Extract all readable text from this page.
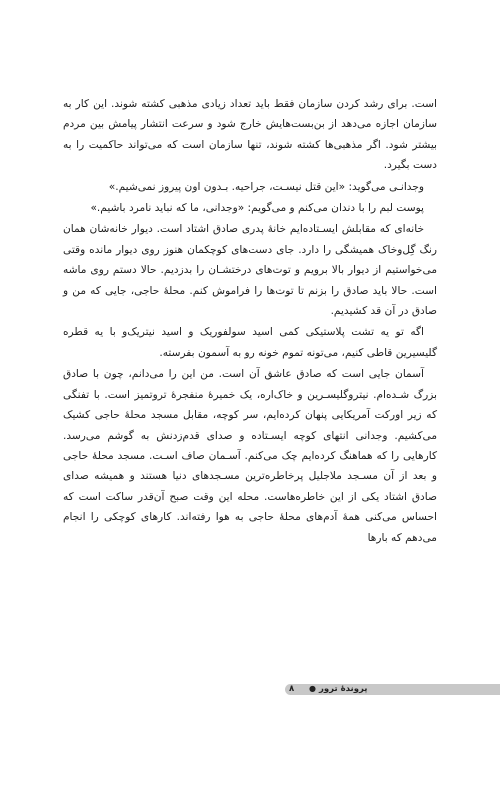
است. برای رشد کردن سازمان فقط باید تعداد زیادی مذهبی کشته شوند. این کار به سازمان اجازه می‌دهد از بن‌بست‌هایش خارج شود و سرعت انتشار پیامش بین مردم بیشتر شود. اگر مذهبی‌ها کشته شوند، تنها سازمان است که می‌تواند حاکمیت را به دست بگیرد.

وجدانـی می‌گوید: «این قتل نیسـت، جراحیه. بـدون اون پیروز نمی‌شیم.»

پوست لبم را با دندان می‌کنم و می‌گویم: «وجدانی، ما که نباید نامرد باشیم.»

خانه‌ای که مقابلش ایسـتاده‌ایم خانهٔ پدری صادق اشتاد است. دیوار خانه‌شان همان رنگ گِل‌وخاک همیشگی را دارد. جای دست‌های کوچکمان هنوز روی دیوار مانده وقتی می‌خواستیم از دیوار بالا برویم و توت‌های درختشـان را بدزدیم. حالا دستم روی ماشه است. حالا باید صادق را بزنم تا توت‌ها را فراموش کنم. محلهٔ حاجی، جایی که من و صادق در آن قد کشیدیم.

اگه تو یه تشت پلاستیکی کمی اسید سولفوریک و اسید نیتریک‌و با یه قطره گلیسیرین قاطی کنیم، می‌تونه تموم خونه رو به آسمون بفرسته.

آسمان جایی است که صادق عاشق آن است. من این را می‌دانم، چون با صادق بزرگ شـده‌ام. نیتروگلیسـرین و خاک‌اره، یک خمیرهٔ منفجرهٔ تروتمیز است. با تفنگی که زیر اورکت آمریکایی پنهان کرده‌ایم، سر کوچه، مقابل مسجد محلهٔ حاجی کشیک می‌کشیم. وجدانی انتهای کوچه ایسـتاده و صدای قدم‌زدنش به گوشم می‌رسد. کارهایی را که هماهنگ کرده‌ایم چک می‌کنم. آسـمان صاف اسـت. مسجد محلهٔ حاجی و بعد از آن مسـجد ملاجلیل پرخاطره‌ترین مسـجدهای دنیا هستند و همیشه صدای صادق اشتاد یکی از این خاطره‌هاست. محله این وقت صبح آن‌قدر ساکت است که احساس می‌کنی همهٔ آدم‌های محلهٔ حاجی به هوا رفته‌اند. کارهای کوچکی را انجام می‌دهم که بارها

پروندهٔ ترور●
۸
